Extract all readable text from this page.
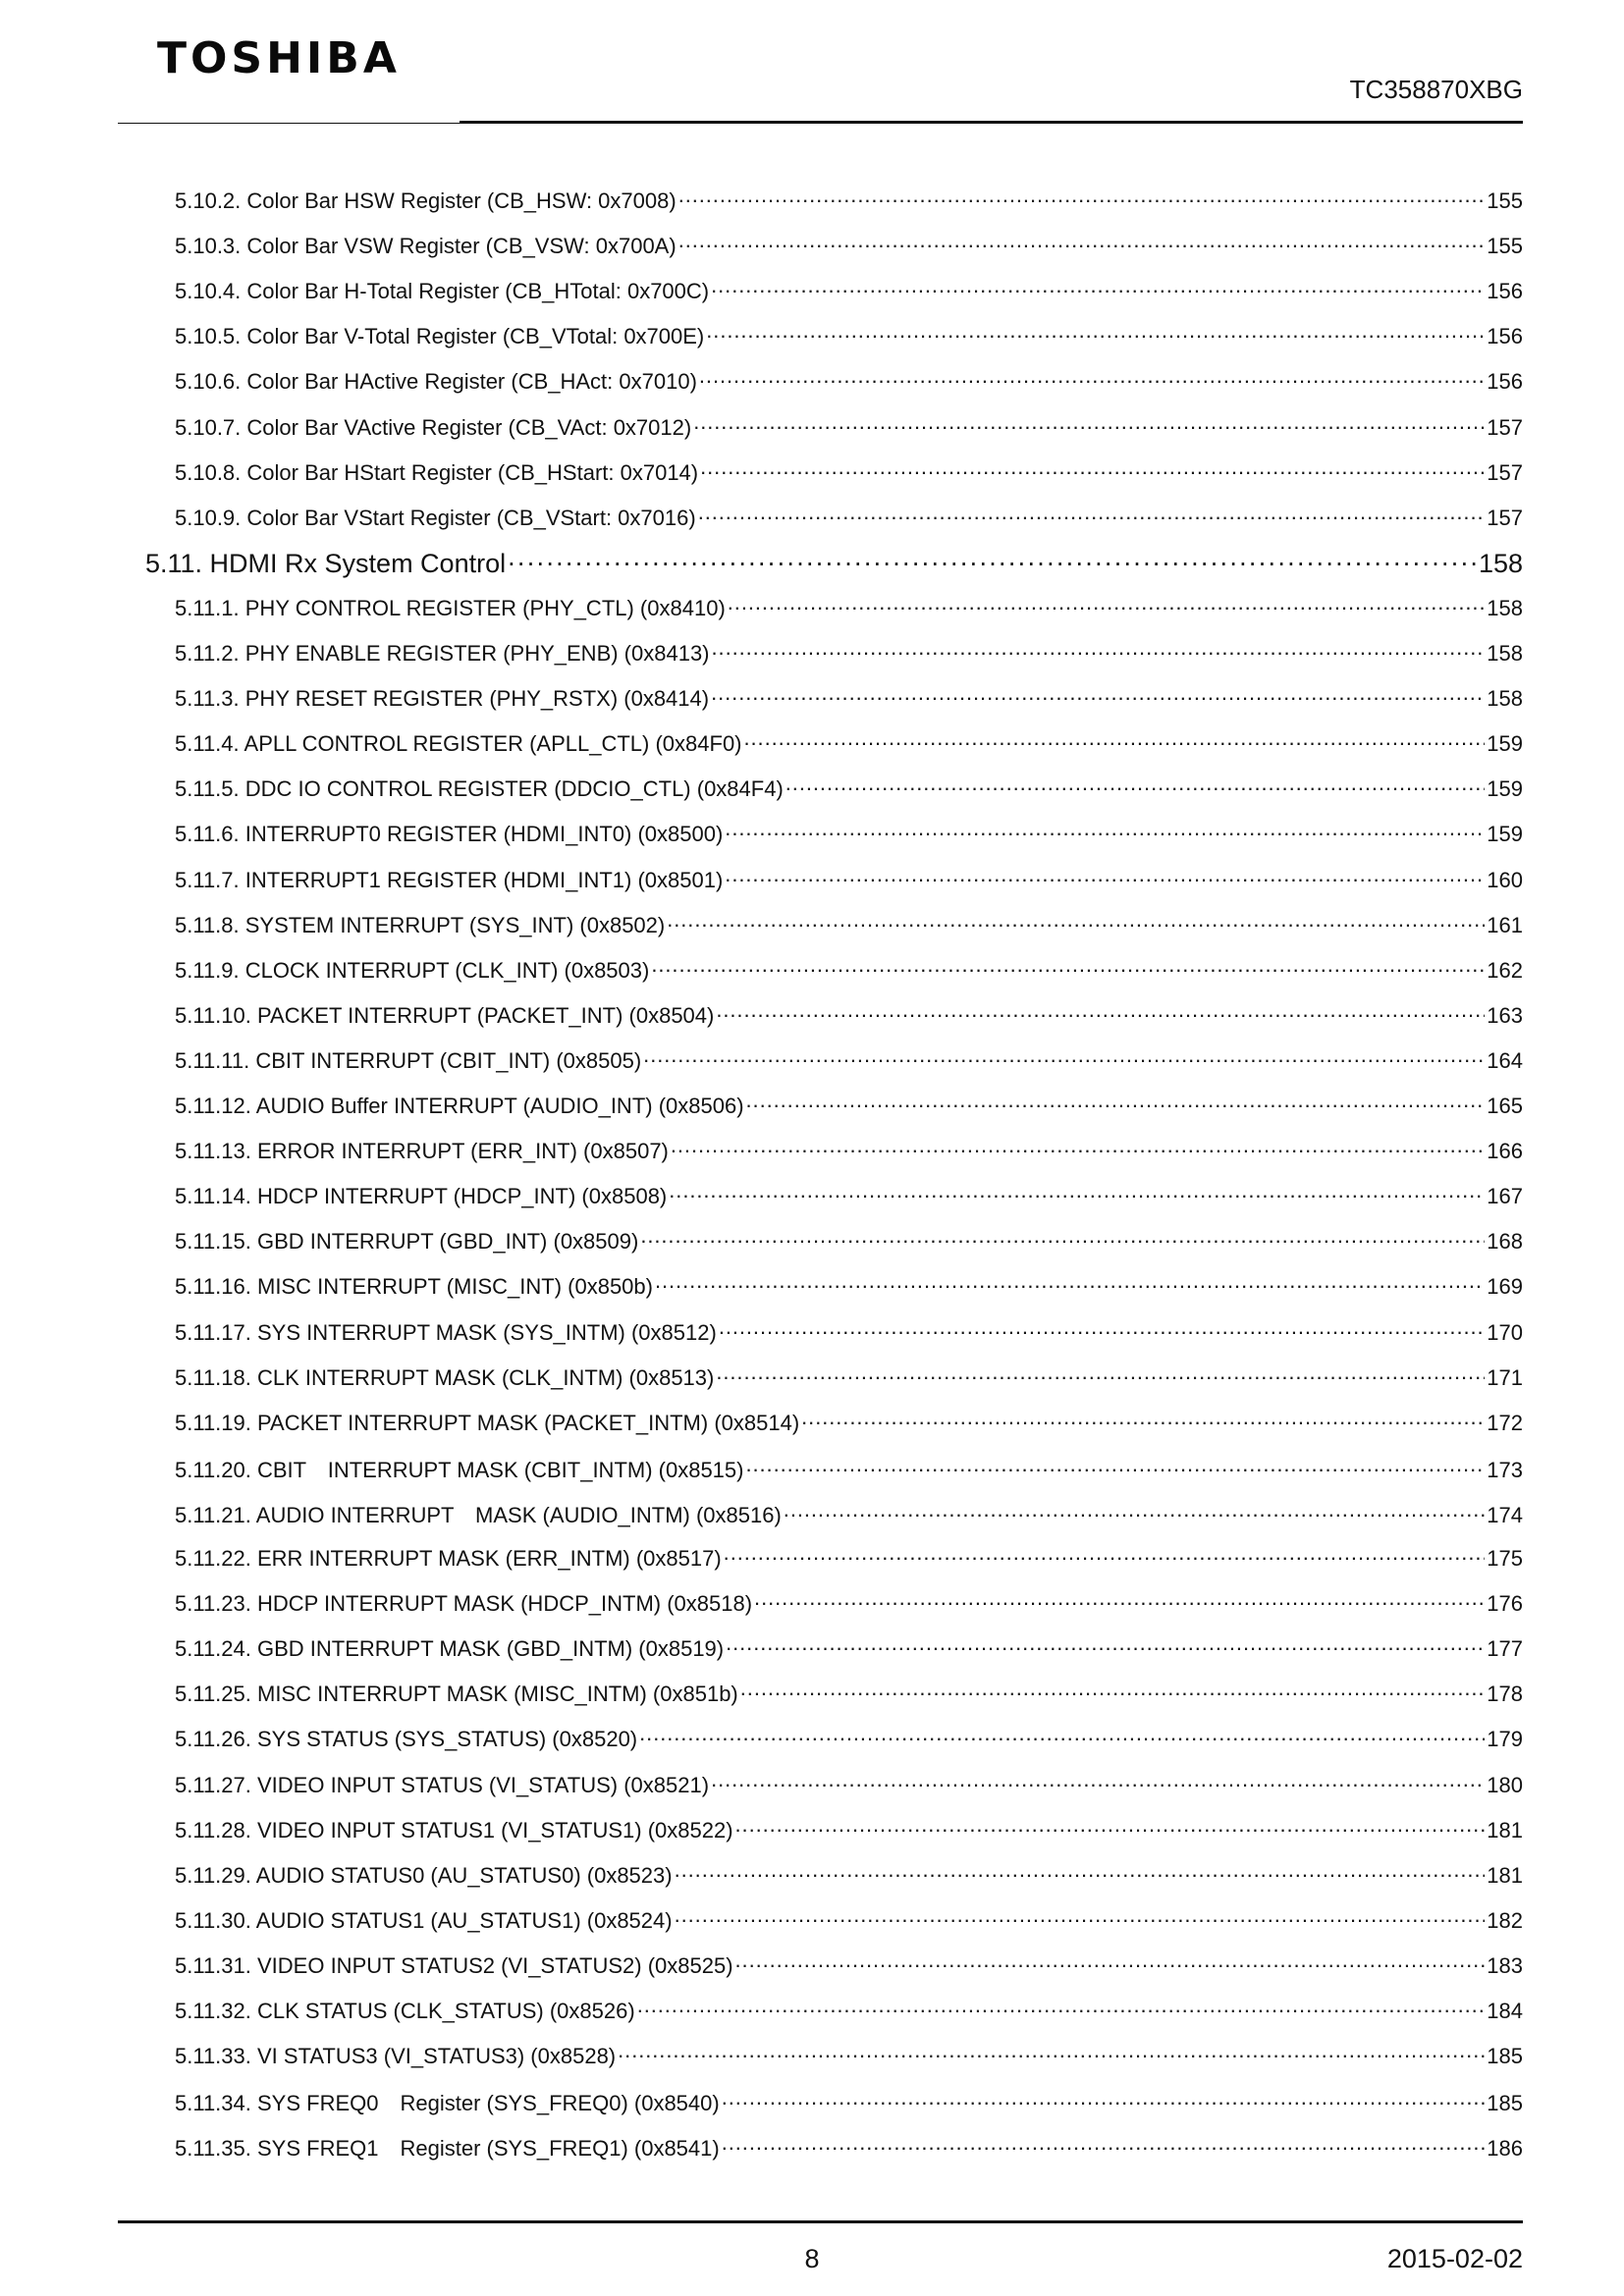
TOSHIBA
TC358870XBG
5.10.2. Color Bar HSW Register (CB_HSW: 0x7008) . . .	155
5.10.3. Color Bar VSW Register (CB_VSW: 0x700A) . . .	155
5.10.4. Color Bar H-Total Register (CB_HTotal: 0x700C) . . .	156
5.10.5. Color Bar V-Total Register (CB_VTotal: 0x700E) . . .	156
5.10.6. Color Bar HActive Register (CB_HAct: 0x7010) . . .	156
5.10.7. Color Bar VActive Register (CB_VAct: 0x7012) . . .	157
5.10.8. Color Bar HStart Register (CB_HStart: 0x7014) . . .	157
5.10.9. Color Bar VStart Register (CB_VStart: 0x7016) . . .	157
5.11. HDMI Rx System Control . . .	158
5.11.1. PHY CONTROL REGISTER (PHY_CTL) (0x8410) . . .	158
5.11.2. PHY ENABLE REGISTER (PHY_ENB) (0x8413) . . .	158
5.11.3. PHY RESET REGISTER (PHY_RSTX) (0x8414) . . .	158
5.11.4. APLL CONTROL REGISTER (APLL_CTL) (0x84F0) . . .	159
5.11.5. DDC IO CONTROL REGISTER (DDCIO_CTL) (0x84F4) . . .	159
5.11.6. INTERRUPT0 REGISTER (HDMI_INT0) (0x8500) . . .	159
5.11.7. INTERRUPT1 REGISTER (HDMI_INT1) (0x8501) . . .	160
5.11.8. SYSTEM INTERRUPT (SYS_INT) (0x8502) . . .	161
5.11.9. CLOCK INTERRUPT (CLK_INT) (0x8503) . . .	162
5.11.10. PACKET INTERRUPT (PACKET_INT) (0x8504) . . .	163
5.11.11. CBIT INTERRUPT (CBIT_INT) (0x8505) . . .	164
5.11.12. AUDIO Buffer INTERRUPT (AUDIO_INT) (0x8506) . . .	165
5.11.13. ERROR INTERRUPT (ERR_INT) (0x8507) . . .	166
5.11.14. HDCP INTERRUPT (HDCP_INT) (0x8508) . . .	167
5.11.15. GBD INTERRUPT (GBD_INT) (0x8509) . . .	168
5.11.16. MISC INTERRUPT (MISC_INT) (0x850b) . . .	169
5.11.17. SYS INTERRUPT MASK (SYS_INTM) (0x8512) . . .	170
5.11.18. CLK INTERRUPT MASK (CLK_INTM) (0x8513) . . .	171
5.11.19. PACKET INTERRUPT MASK (PACKET_INTM) (0x8514) . . .	172
5.11.20. CBIT　INTERRUPT MASK (CBIT_INTM) (0x8515) . . .	173
5.11.21. AUDIO INTERRUPT　MASK (AUDIO_INTM) (0x8516) . . .	174
5.11.22. ERR INTERRUPT MASK (ERR_INTM) (0x8517) . . .	175
5.11.23. HDCP INTERRUPT MASK (HDCP_INTM) (0x8518) . . .	176
5.11.24. GBD INTERRUPT MASK (GBD_INTM) (0x8519) . . .	177
5.11.25. MISC INTERRUPT MASK (MISC_INTM) (0x851b) . . .	178
5.11.26. SYS STATUS (SYS_STATUS) (0x8520) . . .	179
5.11.27. VIDEO INPUT STATUS (VI_STATUS) (0x8521) . . .	180
5.11.28. VIDEO INPUT STATUS1 (VI_STATUS1) (0x8522) . . .	181
5.11.29. AUDIO STATUS0 (AU_STATUS0) (0x8523) . . .	181
5.11.30. AUDIO STATUS1 (AU_STATUS1) (0x8524) . . .	182
5.11.31. VIDEO INPUT STATUS2 (VI_STATUS2) (0x8525) . . .	183
5.11.32. CLK STATUS (CLK_STATUS) (0x8526) . . .	184
5.11.33. VI STATUS3 (VI_STATUS3) (0x8528) . . .	185
5.11.34. SYS FREQ0　Register (SYS_FREQ0) (0x8540) . . .	185
5.11.35. SYS FREQ1　Register (SYS_FREQ1) (0x8541) . . .	186
8	2015-02-02
